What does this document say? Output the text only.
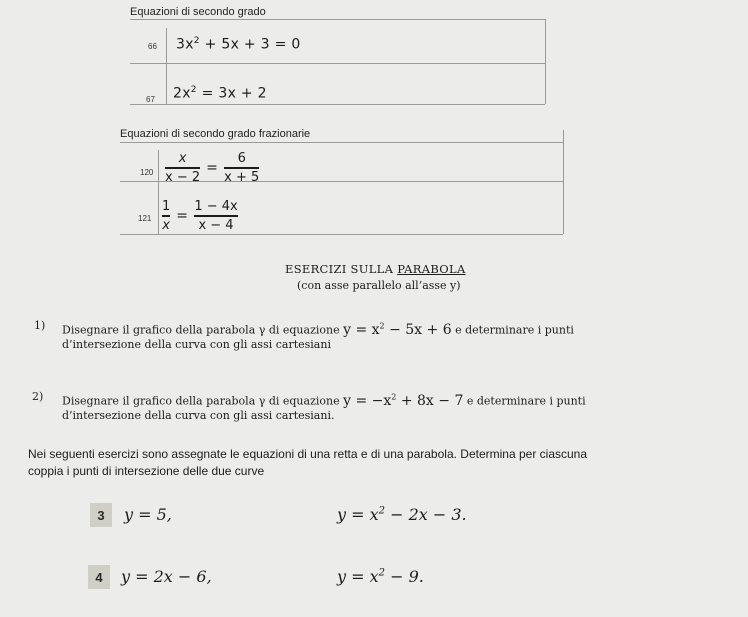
Equazioni di secondo grado
66 $3x^2 + 5x + 3 = 0$
67 $2x^2 = 3x + 2$
Equazioni di secondo grado frazionarie
$120 \frac{x}{x - 2} = \frac{6}{x + 5}$
$121 \frac{1}{x} = \frac{1 - 4x}{x - 4}$
ESERCIZI SULLA PARABOLA
(con asse parallelo all’asse y)
1) Disegnare il grafico della parabola γ di equazione $y = x^2 - 5x + 6$ e determinare i punti
d’intersezione della curva con gli assi cartesiani
2) Disegnare il grafico della parabola γ di equazione $y = -x^2 + 8x - 7$ e determinare i punti
d’intersezione della curva con gli assi cartesiani.
Nei seguenti esercizi sono assegnate le equazioni di una retta e di una parabola. Determina per ciascuna
coppia i punti di intersezione delle due curve
3	y = 5,	$y = x^2 - 2x - 3$.
4	y = 2x − 6,	$y = x^2 - 9$.
